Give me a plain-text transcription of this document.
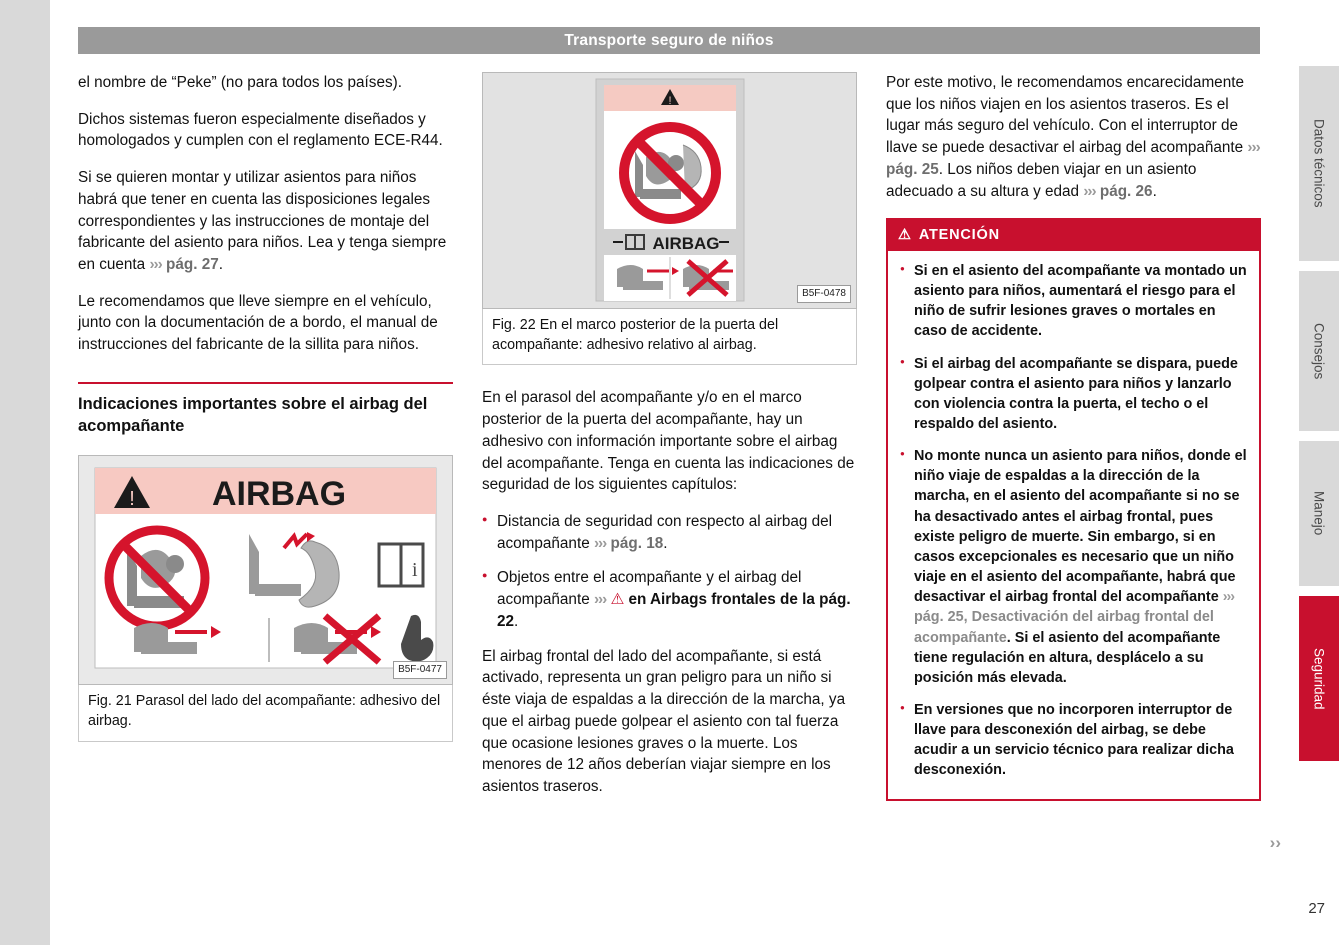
Transporte seguro de niños
Datos técnicos
Consejos
Manejo
Seguridad
››
27

el nombre de “Peke” (no para todos los países).

Dichos sistemas fueron especialmente diseñados y homologados y cumplen con el reglamento ECE-R44.

Si se quieren montar y utilizar asientos para niños habrá que tener en cuenta las disposiciones legales correspondientes y las instrucciones de montaje del fabricante del asiento para niños. Lea y tenga siempre en cuenta ››› pág. 27.

Le recomendamos que lleve siempre en el vehículo, junto con la documentación de a bordo, el manual de instrucciones del fabricante de la sillita para niños.

Indicaciones importantes sobre el airbag del acompañante
! AIRBAG
i
B5F-0477
Fig. 21 Parasol del lado del acompañante: adhesivo del airbag.
!
AIRBAG
B5F-0478
Fig. 22 En el marco posterior de la puerta del acompañante: adhesivo relativo al airbag.

En el parasol del acompañante y/o en el marco posterior de la puerta del acompañante, hay un adhesivo con información importante sobre el airbag del acompañante. Tenga en cuenta las indicaciones de seguridad de los siguientes capítulos:

● Distancia de seguridad con respecto al airbag del acompañante ››› pág. 18.
● Objetos entre el acompañante y el airbag del acompañante ››› ⚠ en Airbags frontales de la pág. 22.

El airbag frontal del lado del acompañante, si está activado, representa un gran peligro para un niño si éste viaja de espaldas a la dirección de la marcha, ya que el airbag puede golpear el asiento con tal fuerza que ocasione lesiones graves o la muerte. Los menores de 12 años deberían viajar siempre en los asientos traseros.

Por este motivo, le recomendamos encarecidamente que los niños viajen en los asientos traseros. Es el lugar más seguro del vehículo. Con el interruptor de llave se puede desactivar el airbag del acompañante ››› pág. 25. Los niños deben viajar en un asiento adecuado a su altura y edad ››› pág. 26.

⚠ ATENCIÓN
● Si en el asiento del acompañante va montado un asiento para niños, aumentará el riesgo para el niño de sufrir lesiones graves o mortales en caso de accidente.
● Si el airbag del acompañante se dispara, puede golpear contra el asiento para niños y lanzarlo con violencia contra la puerta, el techo o el respaldo del asiento.
● No monte nunca un asiento para niños, donde el niño viaje de espaldas a la dirección de la marcha, en el asiento del acompañante si no se ha desactivado antes el airbag frontal, pues existe peligro de muerte. Sin embargo, si en casos excepcionales es necesario que un niño viaje en el asiento del acompañante, habrá que desactivar el airbag frontal del acompañante ››› pág. 25, Desactivación del airbag frontal del acompañante. Si el asiento del acompañante tiene regulación en altura, desplácelo a su posición más elevada.
● En versiones que no incorporen interruptor de llave para desconexión del airbag, se debe acudir a un servicio técnico para realizar dicha desconexión.
